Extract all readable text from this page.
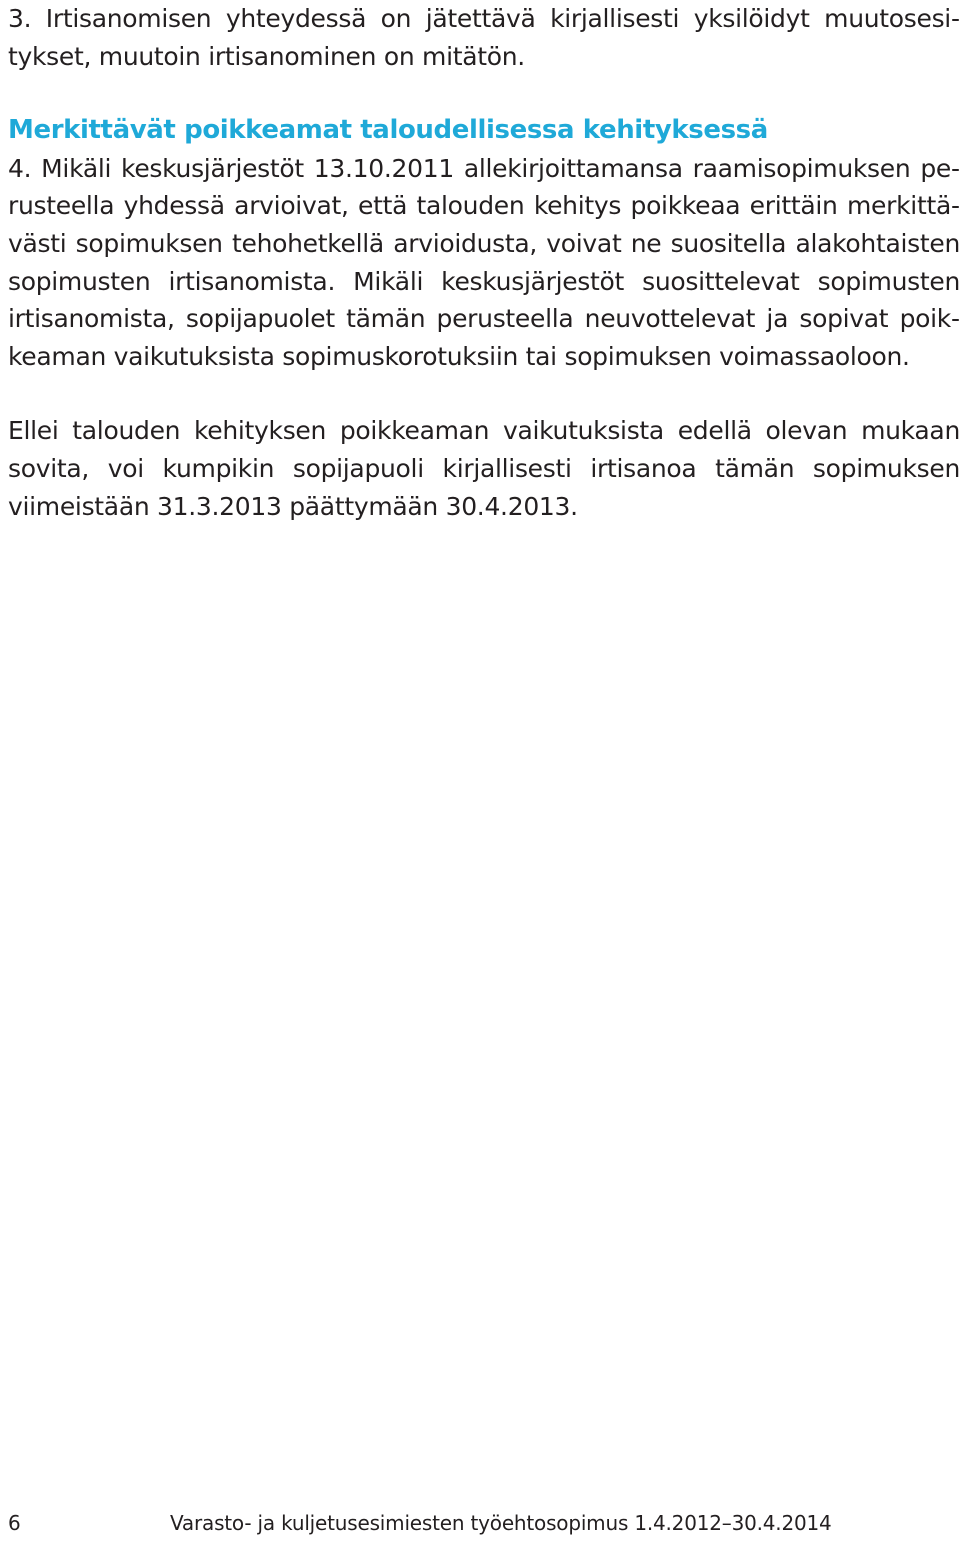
3. Irtisanomisen yhteydessä on jätettävä kirjallisesti yksilöidyt muutosesitykset, muutoin irtisanominen on mitätön.

Merkittävät poikkeamat taloudellisessa kehityksessä

4. Mikäli keskusjärjestöt 13.10.2011 allekirjoittamansa raamisopimuksen perusteella yhdessä arvioivat, että talouden kehitys poikkeaa erittäin merkittävästi sopimuksen tehohetkellä arvioidusta, voivat ne suositella alakohtaisten sopimusten irtisanomista. Mikäli keskusjärjestöt suosittelevat sopimusten irtisanomista, sopijapuolet tämän perusteella neuvottelevat ja sopivat poikkeaman vaikutuksista sopimuskorotuksiin tai sopimuksen voimassaoloon.

Ellei talouden kehityksen poikkeaman vaikutuksista edellä olevan mukaan sovita, voi kumpikin sopijapuoli kirjallisesti irtisanoa tämän sopimuksen viimeistään 31.3.2013 päättymään 30.4.2013.

6	Varasto- ja kuljetusesimiesten työehtosopimus 1.4.2012–30.4.2014
